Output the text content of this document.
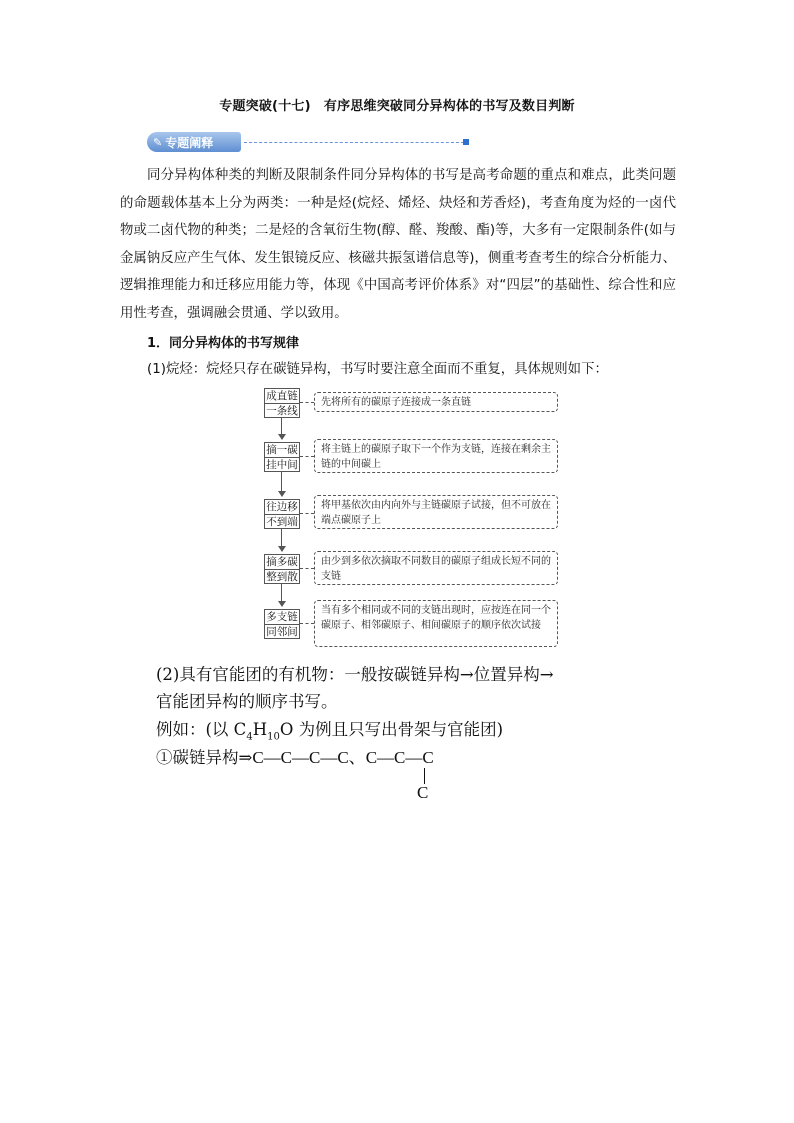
专题突破(十七)　有序思维突破同分异构体的书写及数目判断
✎ 专题阐释
同分异构体种类的判断及限制条件同分异构体的书写是高考命题的重点和难点，此类问题的命题载体基本上分为两类：一种是烃(烷烃、烯烃、炔烃和芳香烃)，考查角度为烃的一卤代物或二卤代物的种类；二是烃的含氧衍生物(醇、醛、羧酸、酯)等，大多有一定限制条件(如与金属钠反应产生气体、发生银镜反应、核磁共振氢谱信息等)，侧重考查考生的综合分析能力、逻辑推理能力和迁移应用能力等，体现《中国高考评价体系》对“四层”的基础性、综合性和应用性考查，强调融会贯通、学以致用。
1．同分异构体的书写规律
(1)烷烃：烷烃只存在碳链异构，书写时要注意全面而不重复，具体规则如下：
成直链
一条线
先将所有的碳原子连接成一条直链
摘一碳
挂中间
将主链上的碳原子取下一个作为支链，连接在剩余主链的中间碳上
往边移
不到端
将甲基依次由内向外与主链碳原子试接，但不可放在端点碳原子上
摘多碳
整到散
由少到多依次摘取不同数目的碳原子组成长短不同的支链
多支链
同邻间
当有多个相同或不同的支链出现时，应按连在同一个碳原子、相邻碳原子、相间碳原子的顺序依次试接
(2)具有官能团的有机物：一般按碳链异构→位置异构→
官能团异构的顺序书写。
例如：(以 $C_4H_{10}O$ 为例且只写出骨架与官能团)
①碳链异构⇒C—C—C—C、C—C—C
C
